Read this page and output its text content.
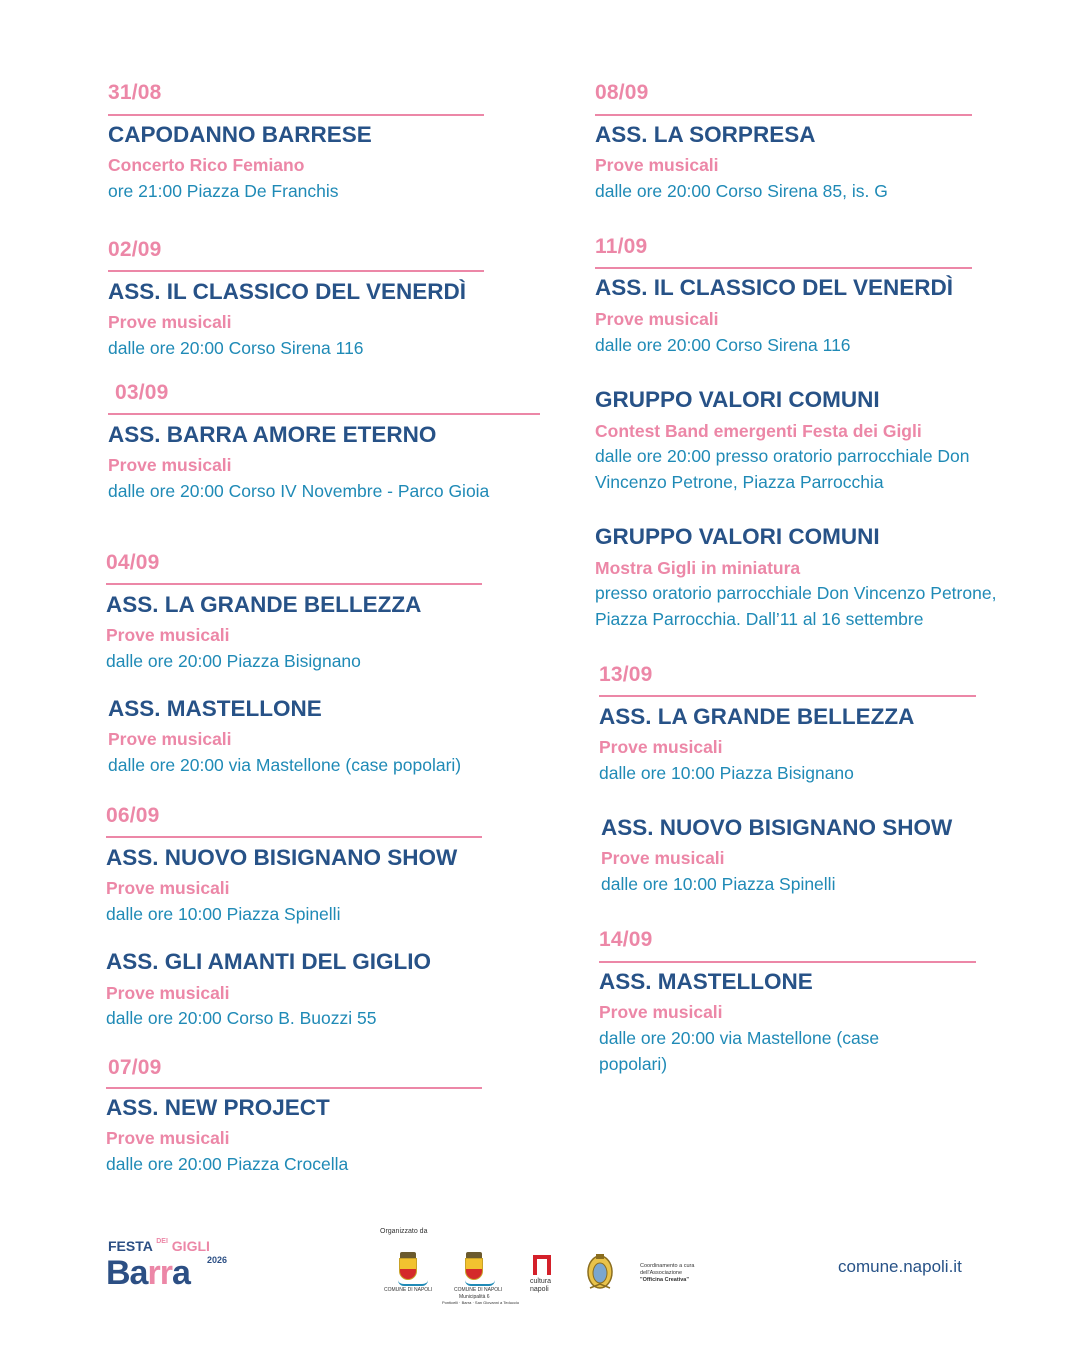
31/08
CAPODANNO BARRESE
Concerto Rico Femiano
ore 21:00 Piazza De Franchis
02/09
ASS. IL CLASSICO DEL VENERDÌ
Prove musicali
dalle ore 20:00 Corso Sirena 116
03/09
ASS. BARRA AMORE ETERNO
Prove musicali
dalle ore 20:00 Corso IV Novembre - Parco Gioia
04/09
ASS. LA GRANDE BELLEZZA
Prove musicali
dalle ore 20:00 Piazza Bisignano
ASS. MASTELLONE
Prove musicali
dalle ore 20:00 via Mastellone (case popolari)
06/09
ASS. NUOVO BISIGNANO SHOW
Prove musicali
dalle ore 10:00 Piazza Spinelli
ASS. GLI AMANTI DEL GIGLIO
Prove musicali
dalle ore 20:00 Corso B. Buozzi 55
07/09
ASS. NEW PROJECT
Prove musicali
dalle ore 20:00 Piazza Crocella
08/09
ASS. LA SORPRESA
Prove musicali
dalle ore 20:00 Corso Sirena 85, is. G
11/09
ASS. IL CLASSICO DEL VENERDÌ
Prove musicali
dalle ore 20:00 Corso Sirena 116
GRUPPO VALORI COMUNI
Contest Band emergenti Festa dei Gigli
dalle ore 20:00 presso oratorio parrocchiale Don Vincenzo Petrone, Piazza Parrocchia
GRUPPO VALORI COMUNI
Mostra Gigli in miniatura
presso oratorio parrocchiale Don Vincenzo Petrone, Piazza Parrocchia. Dall’11 al 16 settembre
13/09
ASS. LA GRANDE BELLEZZA
Prove musicali
dalle ore 10:00 Piazza Bisignano
ASS. NUOVO BISIGNANO SHOW
Prove musicali
dalle ore 10:00 Piazza Spinelli
14/09
ASS. MASTELLONE
Prove musicali
dalle ore 20:00 via Mastellone (case popolari)
FESTA $^{DEI}$ GIGLI
2026
Barra
Organizzato da
COMUNE DI NAPOLI	COMUNE DI NAPOLI
Municipalità 6
Ponticelli · Barra · San Giovanni a Teduccio
cultura
napoli
Coordinamento a cura
dell'Associazione
"Officina Creativa"
comune.napoli.it
